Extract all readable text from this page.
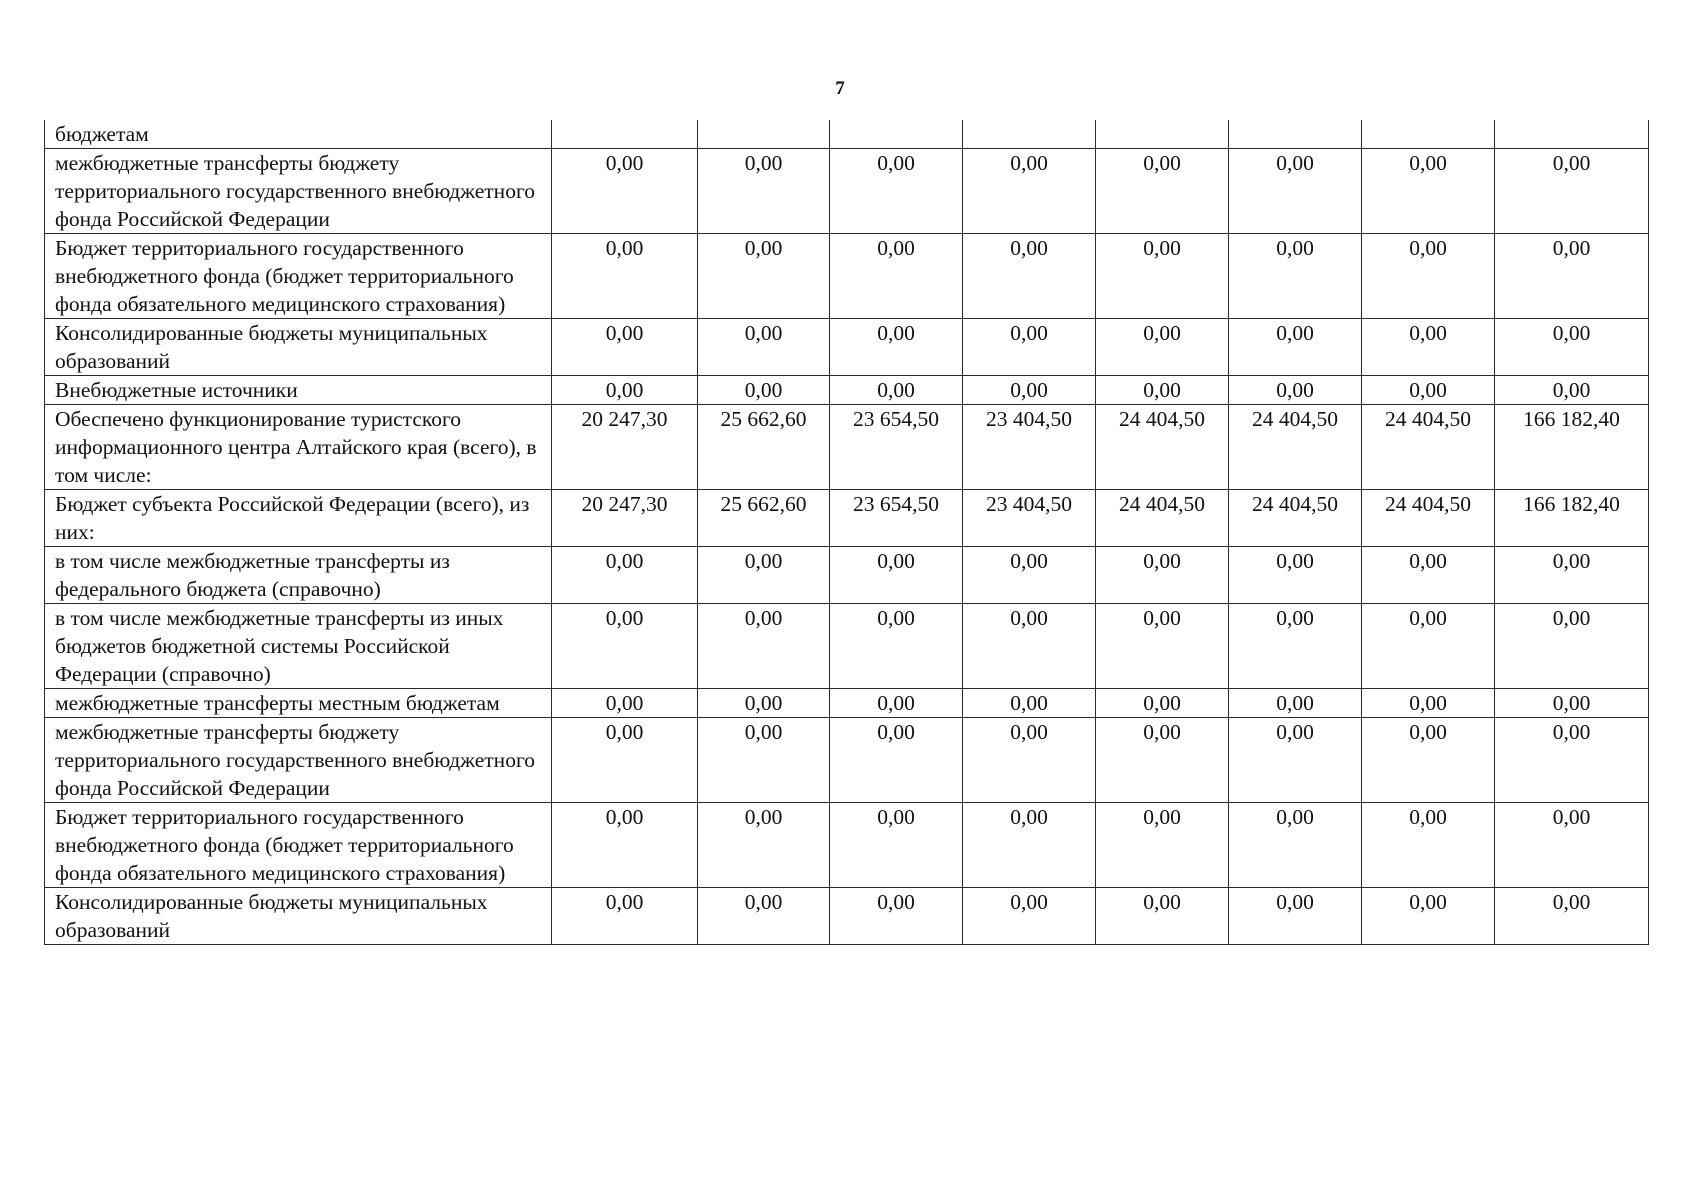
7
бюджетам								
межбюджетные трансферты бюджету территориального государственного внебюджетного фонда Российской Федерации	0,00	0,00	0,00	0,00	0,00	0,00	0,00	0,00
Бюджет территориального государственного внебюджетного фонда (бюджет территориального фонда обязательного медицинского страхования)	0,00	0,00	0,00	0,00	0,00	0,00	0,00	0,00
Консолидированные бюджеты муниципальных образований	0,00	0,00	0,00	0,00	0,00	0,00	0,00	0,00
Внебюджетные источники	0,00	0,00	0,00	0,00	0,00	0,00	0,00	0,00
Обеспечено функционирование туристского информационного центра Алтайского края (всего), в том числе:	20 247,30	25 662,60	23 654,50	23 404,50	24 404,50	24 404,50	24 404,50	166 182,40
Бюджет субъекта Российской Федерации (всего), из них:	20 247,30	25 662,60	23 654,50	23 404,50	24 404,50	24 404,50	24 404,50	166 182,40
в том числе межбюджетные трансферты из федерального бюджета (справочно)	0,00	0,00	0,00	0,00	0,00	0,00	0,00	0,00
в том числе межбюджетные трансферты из иных бюджетов бюджетной системы Российской Федерации (справочно)	0,00	0,00	0,00	0,00	0,00	0,00	0,00	0,00
межбюджетные трансферты местным бюджетам	0,00	0,00	0,00	0,00	0,00	0,00	0,00	0,00
межбюджетные трансферты бюджету территориального государственного внебюджетного фонда Российской Федерации	0,00	0,00	0,00	0,00	0,00	0,00	0,00	0,00
Бюджет территориального государственного внебюджетного фонда (бюджет территориального фонда обязательного медицинского страхования)	0,00	0,00	0,00	0,00	0,00	0,00	0,00	0,00
Консолидированные бюджеты муниципальных образований	0,00	0,00	0,00	0,00	0,00	0,00	0,00	0,00
